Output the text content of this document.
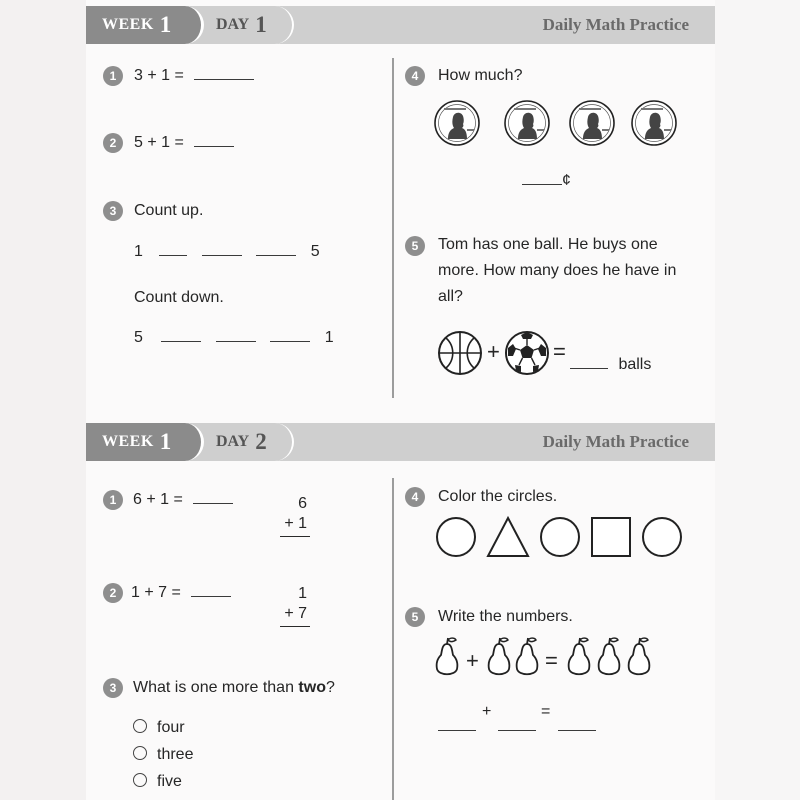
WEEK 1	DAY 1	Daily Math Practice
1	3 + 1 =
2	5 + 1 =
3	Count up.
1	5
Count down.
5	1
4	How much?
¢
5	Tom has one ball. He buys one more. How many does he have in all?
+ =
balls
WEEK 1	DAY 2	Daily Math Practice
1	6 + 1 =	6
+ 1
2 1 + 7 =	1
+ 7
3	What is one more than two?
four
three
five
4	Color the circles.
5	Write the numbers.
+	=
+	=
